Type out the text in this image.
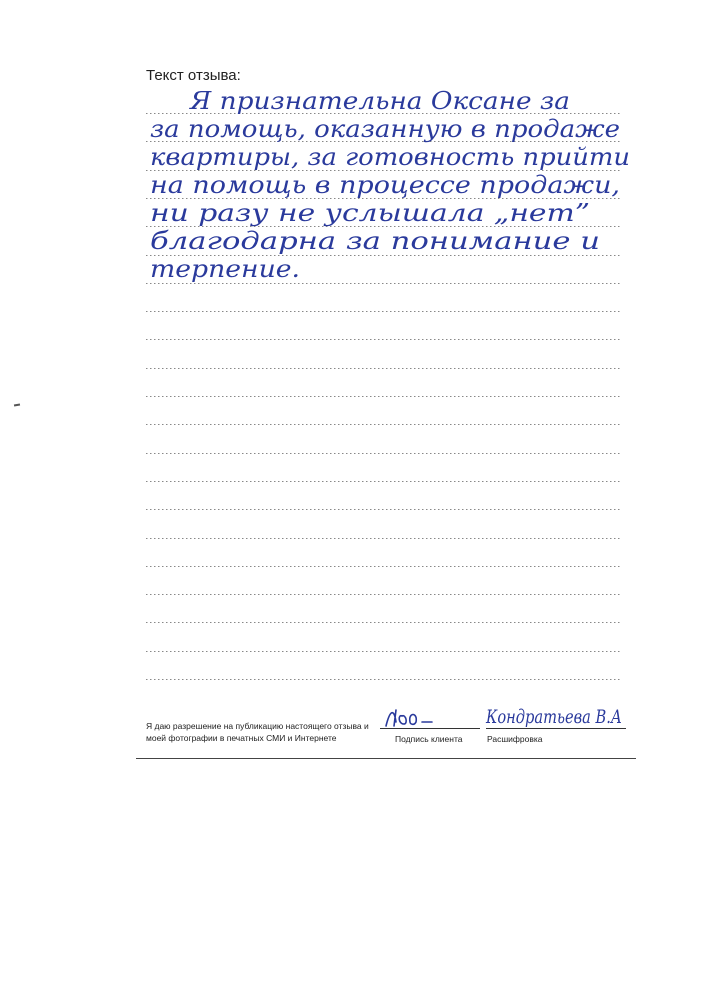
Текст отзыва:
Я признательна Оксане за
за помощь, оказанную в продаже
квартиры, за готовность прийти
на помощь в процессе продажи,
ни разу не услышала „нет”
благодарна за понимание и
терпение.
Я даю разрешение на публикацию настоящего отзыва и моей фотографии в печатных СМИ и Интернете
Кондратьева В.А
Подпись клиента	Расшифровка
